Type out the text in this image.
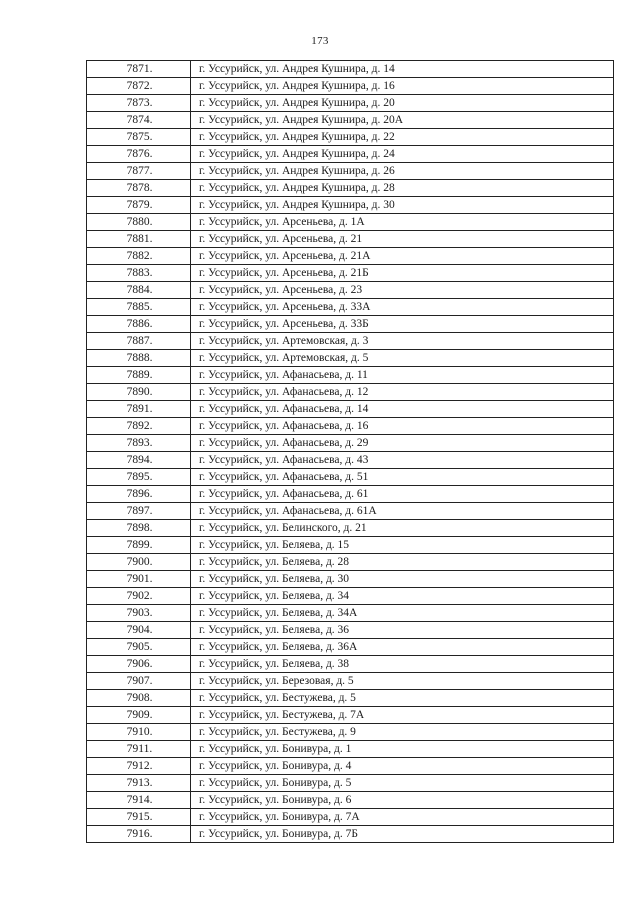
173
7871.	г. Уссурийск, ул. Андрея Кушнира, д. 14
7872.	г. Уссурийск, ул. Андрея Кушнира, д. 16
7873.	г. Уссурийск, ул. Андрея Кушнира, д. 20
7874.	г. Уссурийск, ул. Андрея Кушнира, д. 20А
7875.	г. Уссурийск, ул. Андрея Кушнира, д. 22
7876.	г. Уссурийск, ул. Андрея Кушнира, д. 24
7877.	г. Уссурийск, ул. Андрея Кушнира, д. 26
7878.	г. Уссурийск, ул. Андрея Кушнира, д. 28
7879.	г. Уссурийск, ул. Андрея Кушнира, д. 30
7880.	г. Уссурийск, ул. Арсеньева, д. 1А
7881.	г. Уссурийск, ул. Арсеньева, д. 21
7882.	г. Уссурийск, ул. Арсеньева, д. 21А
7883.	г. Уссурийск, ул. Арсеньева, д. 21Б
7884.	г. Уссурийск, ул. Арсеньева, д. 23
7885.	г. Уссурийск, ул. Арсеньева, д. 33А
7886.	г. Уссурийск, ул. Арсеньева, д. 33Б
7887.	г. Уссурийск, ул. Артемовская, д. 3
7888.	г. Уссурийск, ул. Артемовская, д. 5
7889.	г. Уссурийск, ул. Афанасьева, д. 11
7890.	г. Уссурийск, ул. Афанасьева, д. 12
7891.	г. Уссурийск, ул. Афанасьева, д. 14
7892.	г. Уссурийск, ул. Афанасьева, д. 16
7893.	г. Уссурийск, ул. Афанасьева, д. 29
7894.	г. Уссурийск, ул. Афанасьева, д. 43
7895.	г. Уссурийск, ул. Афанасьева, д. 51
7896.	г. Уссурийск, ул. Афанасьева, д. 61
7897.	г. Уссурийск, ул. Афанасьева, д. 61А
7898.	г. Уссурийск, ул. Белинского, д. 21
7899.	г. Уссурийск, ул. Беляева, д. 15
7900.	г. Уссурийск, ул. Беляева, д. 28
7901.	г. Уссурийск, ул. Беляева, д. 30
7902.	г. Уссурийск, ул. Беляева, д. 34
7903.	г. Уссурийск, ул. Беляева, д. 34А
7904.	г. Уссурийск, ул. Беляева, д. 36
7905.	г. Уссурийск, ул. Беляева, д. 36А
7906.	г. Уссурийск, ул. Беляева, д. 38
7907.	г. Уссурийск, ул. Березовая, д. 5
7908.	г. Уссурийск, ул. Бестужева, д. 5
7909.	г. Уссурийск, ул. Бестужева, д. 7А
7910.	г. Уссурийск, ул. Бестужева, д. 9
7911.	г. Уссурийск, ул. Бонивура, д. 1
7912.	г. Уссурийск, ул. Бонивура, д. 4
7913.	г. Уссурийск, ул. Бонивура, д. 5
7914.	г. Уссурийск, ул. Бонивура, д. 6
7915.	г. Уссурийск, ул. Бонивура, д. 7А
7916.	г. Уссурийск, ул. Бонивура, д. 7Б
